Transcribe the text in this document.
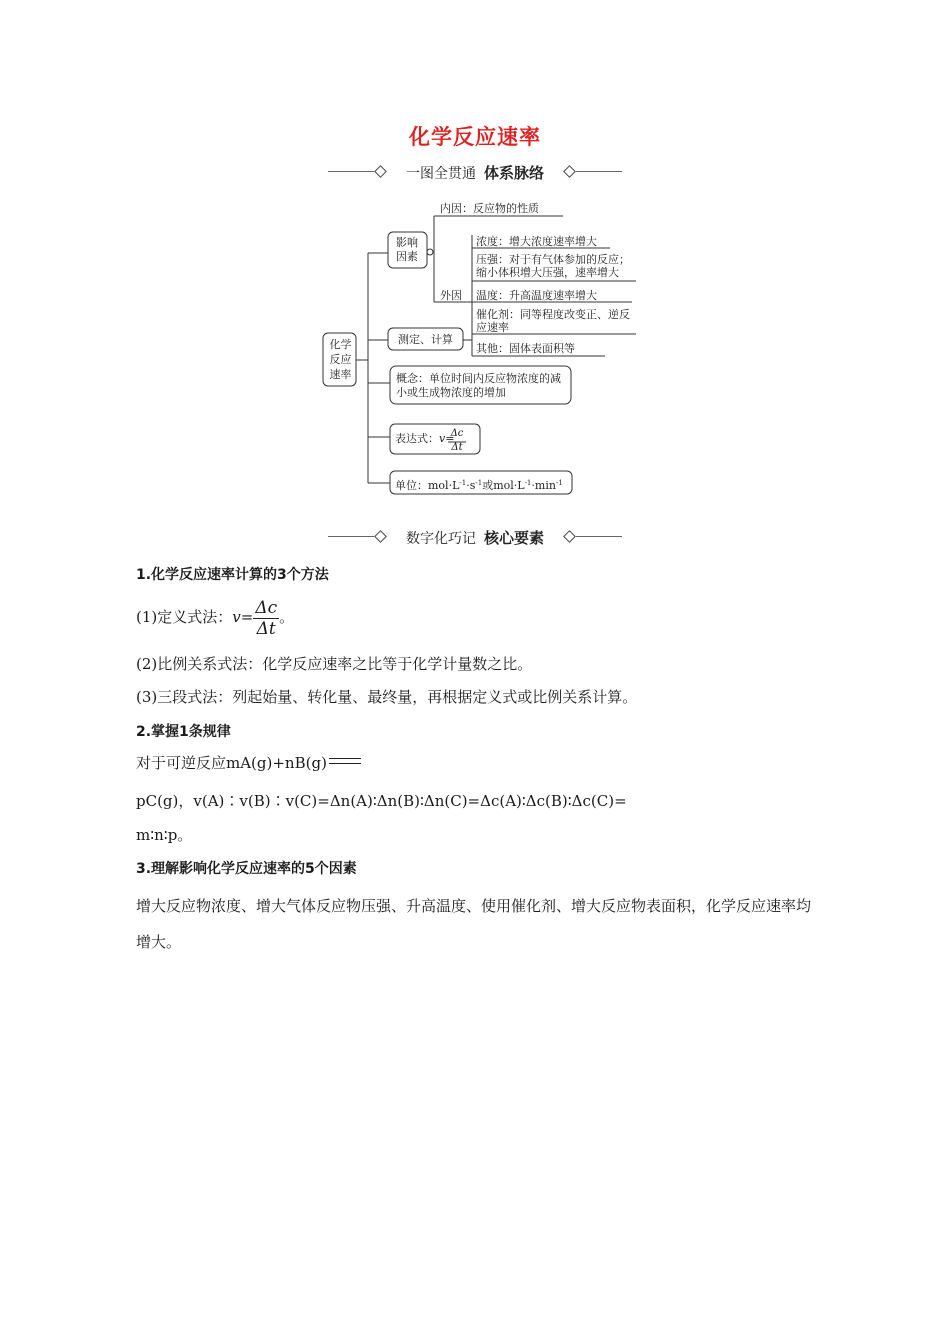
化学反应速率
一图全贯通 体系脉络
化学反应速率
影响因素
内因：反应物的性质
外因
浓度：增大浓度速率增大
压强：对于有气体参加的反应；缩小体积增大压强，速率增大
温度：升高温度速率增大
催化剂：同等程度改变正、逆反应速率
其他：固体表面积等
测定、计算
概念：单位时间内反应物浓度的减小或生成物浓度的增加
表达式：v=
Δc
Δt
单位：$mol\cdot L^{-1}\cdot s^{-1}$或$mol\cdot L^{-1}\cdot\min^{-1}$
数字化巧记 核心要素
1.化学反应速率计算的3个方法
(1)定义式法：$v= \frac{\Delta c}{\Delta t}$ 。
(2)比例关系式法：化学反应速率之比等于化学计量数之比。
(3)三段式法：列起始量、转化量、最终量，再根据定义式或比例关系计算。
2.掌握1条规律
对于可逆反应mA(g)+nB(g)
pC(g)，v(A)∶v(B)∶v(C)=Δn(A)∶Δn(B)∶Δn(C)=Δc(A)∶Δc(B)∶Δc(C)=
m∶n∶p。
3.理解影响化学反应速率的5个因素
增大反应物浓度、增大气体反应物压强、升高温度、使用催化剂、增大反应物表面积，化学反应速率均增大。
